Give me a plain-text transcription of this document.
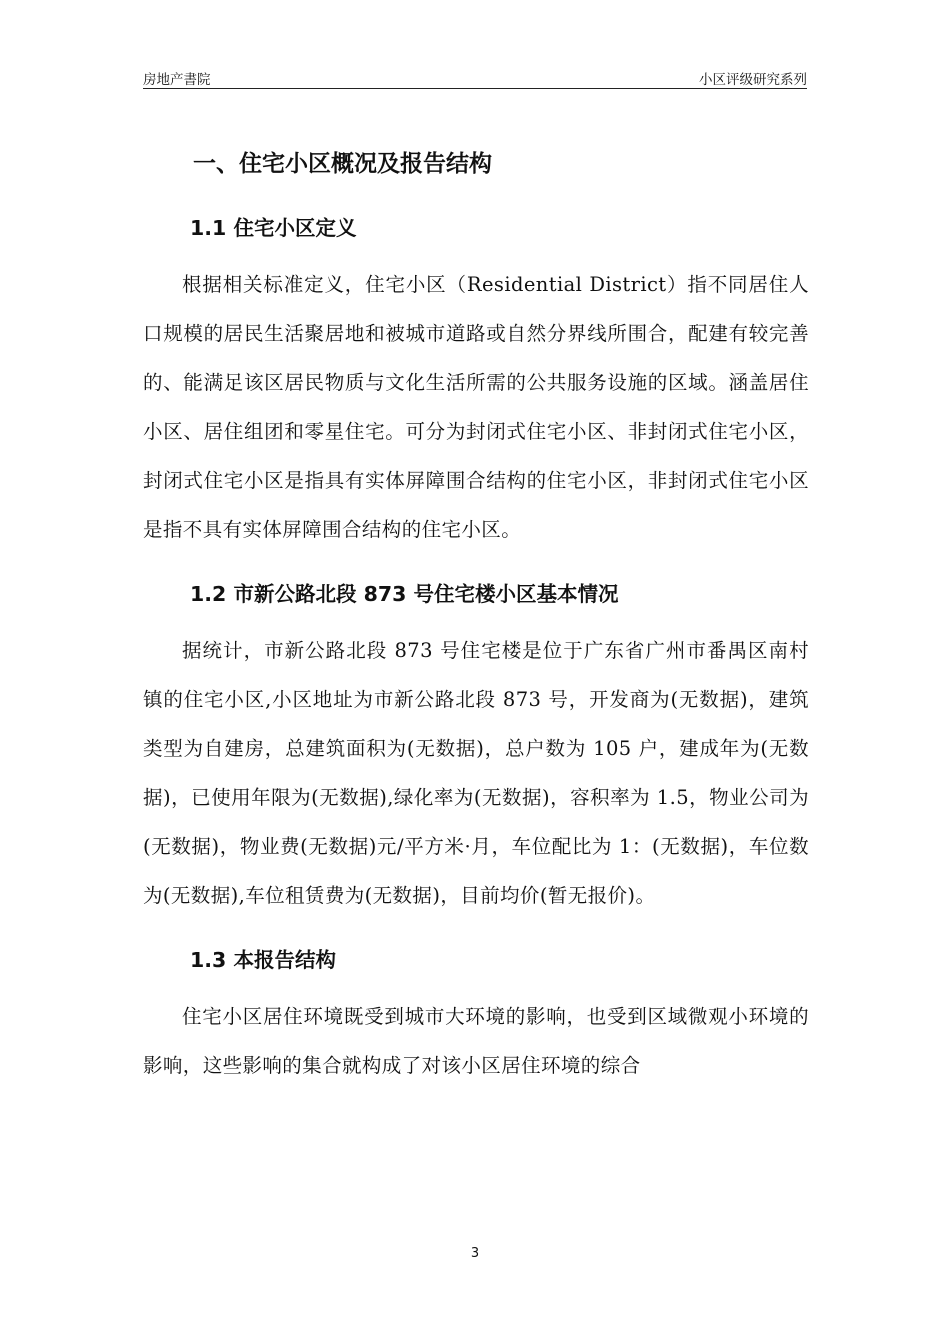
房地产書院	小区评级研究系列
一、住宅小区概况及报告结构
1.1 住宅小区定义

根据相关标准定义，住宅小区（Residential District）指不同居住人口规模的居民生活聚居地和被城市道路或自然分界线所围合，配建有较完善的、能满足该区居民物质与文化生活所需的公共服务设施的区域。涵盖居住小区、居住组团和零星住宅。可分为封闭式住宅小区、非封闭式住宅小区，封闭式住宅小区是指具有实体屏障围合结构的住宅小区，非封闭式住宅小区是指不具有实体屏障围合结构的住宅小区。

1.2 市新公路北段 873 号住宅楼小区基本情况

据统计，市新公路北段 873 号住宅楼是位于广东省广州市番禺区南村镇的住宅小区,小区地址为市新公路北段 873 号，开发商为(无数据)，建筑类型为自建房，总建筑面积为(无数据)，总户数为 105 户，建成年为(无数据)，已使用年限为(无数据),绿化率为(无数据)，容积率为 1.5，物业公司为(无数据)，物业费(无数据)元/平方米·月，车位配比为 1：(无数据)，车位数为(无数据),车位租赁费为(无数据)，目前均价(暂无报价)。

1.3 本报告结构

住宅小区居住环境既受到城市大环境的影响，也受到区域微观小环境的影响，这些影响的集合就构成了对该小区居住环境的综合

3
